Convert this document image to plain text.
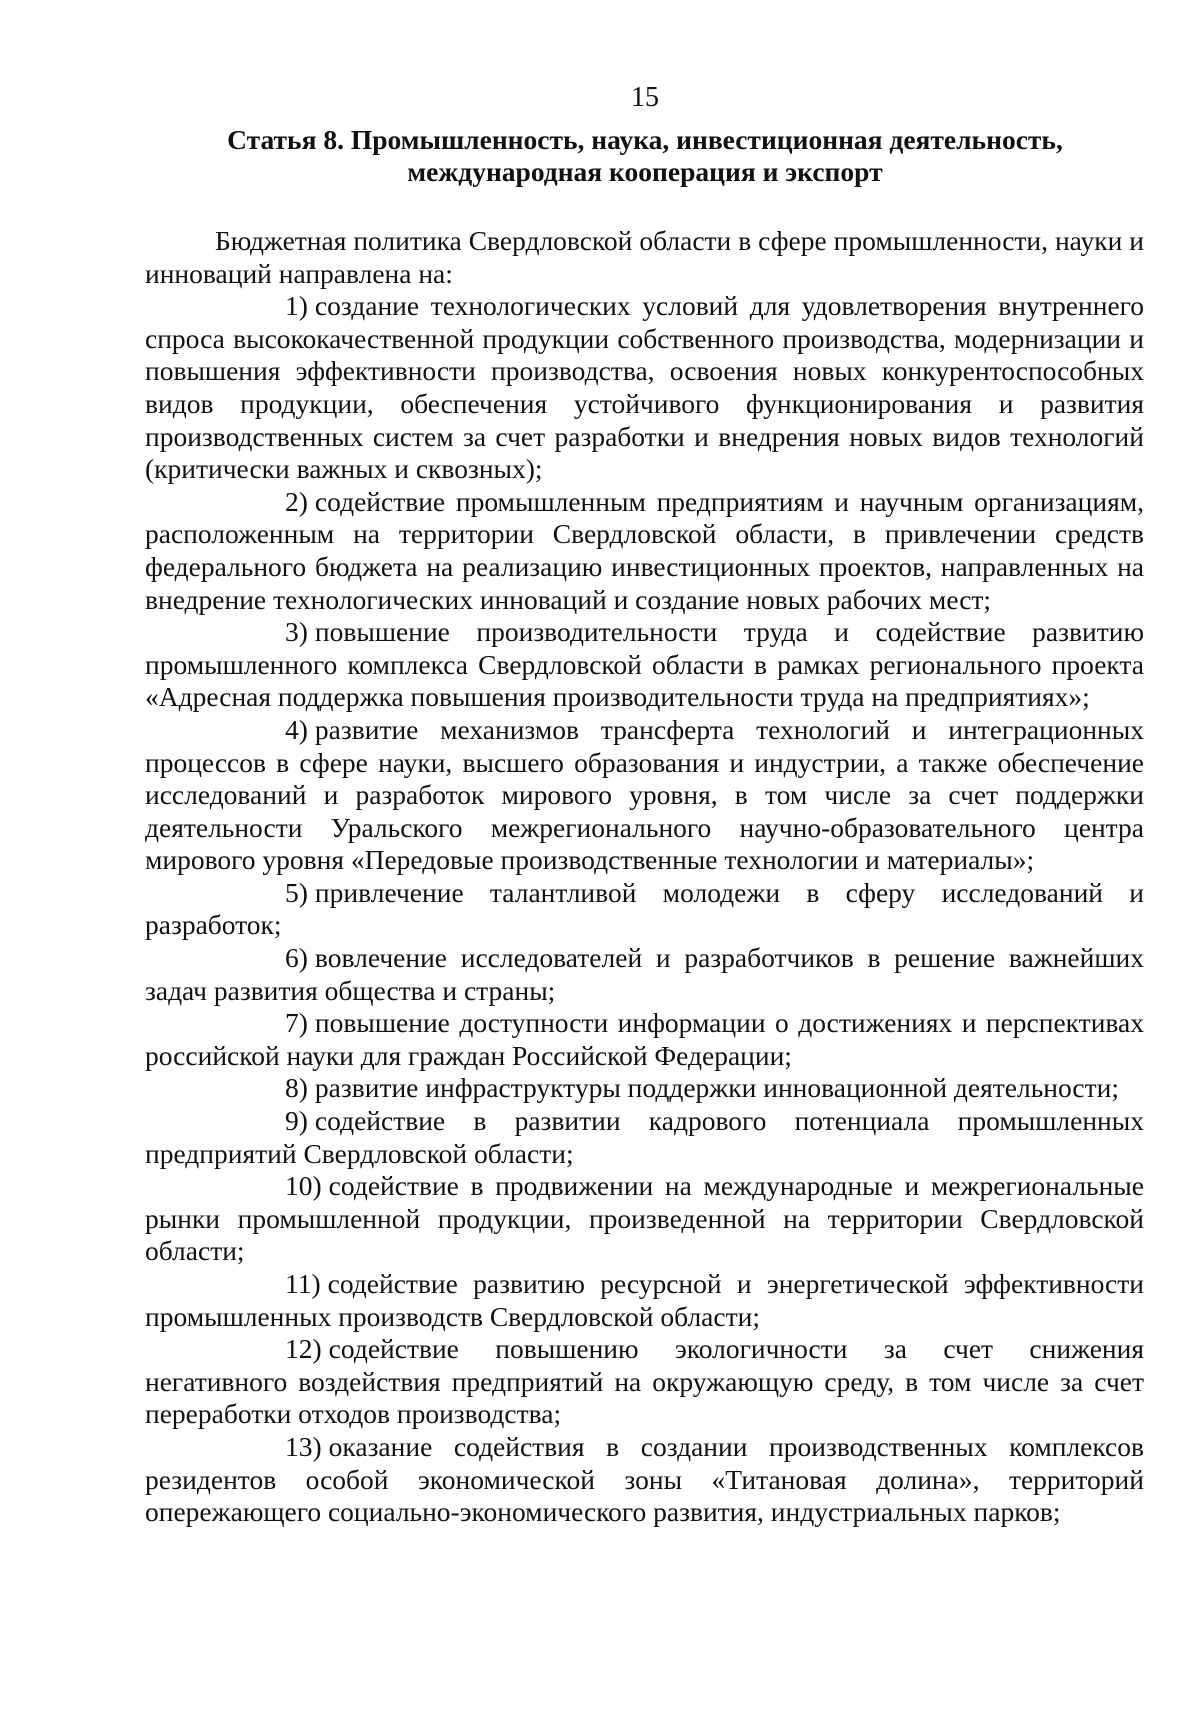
15
Статья 8. Промышленность, наука, инвестиционная деятельность,
международная кооперация и экспорт

Бюджетная политика Свердловской области в сфере промышленности, науки и инноваций направлена на:

1) создание технологических условий для удовлетворения внутреннего спроса высококачественной продукции собственного производства, модернизации и повышения эффективности производства, освоения новых конкурентоспособных видов продукции, обеспечения устойчивого функционирования и развития производственных систем за счет разработки и внедрения новых видов технологий (критически важных и сквозных);

2) содействие промышленным предприятиям и научным организациям, расположенным на территории Свердловской области, в привлечении средств федерального бюджета на реализацию инвестиционных проектов, направленных на внедрение технологических инноваций и создание новых рабочих мест;

3) повышение производительности труда и содействие развитию промышленного комплекса Свердловской области в рамках регионального проекта «Адресная поддержка повышения производительности труда на предприятиях»;

4) развитие механизмов трансферта технологий и интеграционных процессов в сфере науки, высшего образования и индустрии, а также обеспечение исследований и разработок мирового уровня, в том числе за счет поддержки деятельности Уральского межрегионального научно-образовательного центра мирового уровня «Передовые производственные технологии и материалы»;

5) привлечение талантливой молодежи в сферу исследований и разработок;

6) вовлечение исследователей и разработчиков в решение важнейших задач развития общества и страны;

7) повышение доступности информации о достижениях и перспективах российской науки для граждан Российской Федерации;

8) развитие инфраструктуры поддержки инновационной деятельности;

9) содействие в развитии кадрового потенциала промышленных предприятий Свердловской области;

10) содействие в продвижении на международные и межрегиональные рынки промышленной продукции, произведенной на территории Свердловской области;

11) содействие развитию ресурсной и энергетической эффективности промышленных производств Свердловской области;

12) содействие повышению экологичности за счет снижения негативного воздействия предприятий на окружающую среду, в том числе за счет переработки отходов производства;

13) оказание содействия в создании производственных комплексов резидентов особой экономической зоны «Титановая долина», территорий опережающего социально-экономического развития, индустриальных парков;
